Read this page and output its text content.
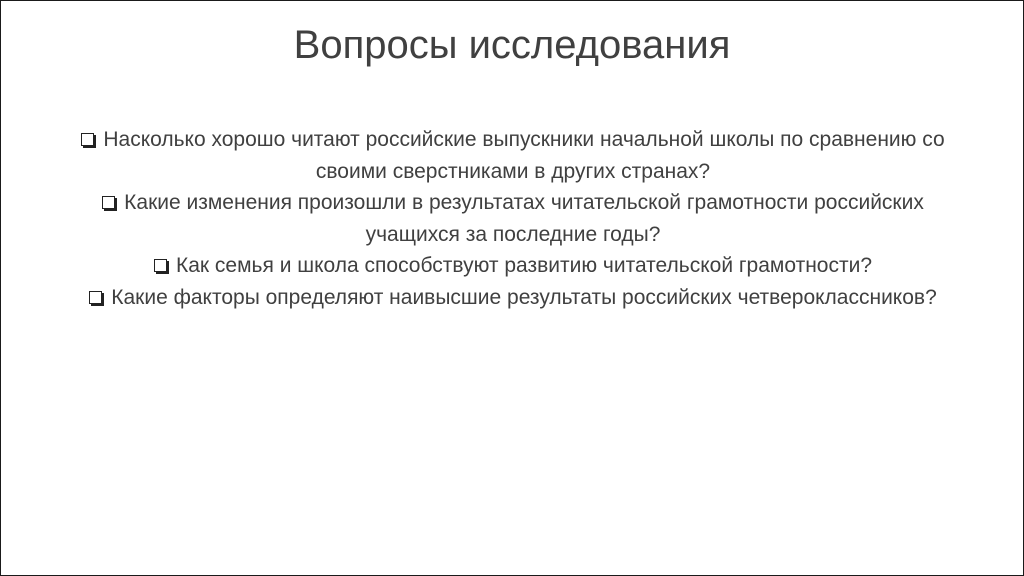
Вопросы исследования
Насколько хорошо читают российские выпускники начальной школы по сравнению со
своими сверстниками в других странах?
Какие изменения произошли в результатах читательской грамотности российских
учащихся за последние годы?
Как семья и школа способствуют развитию читательской грамотности?
Какие факторы определяют наивысшие результаты российских четвероклассников?
